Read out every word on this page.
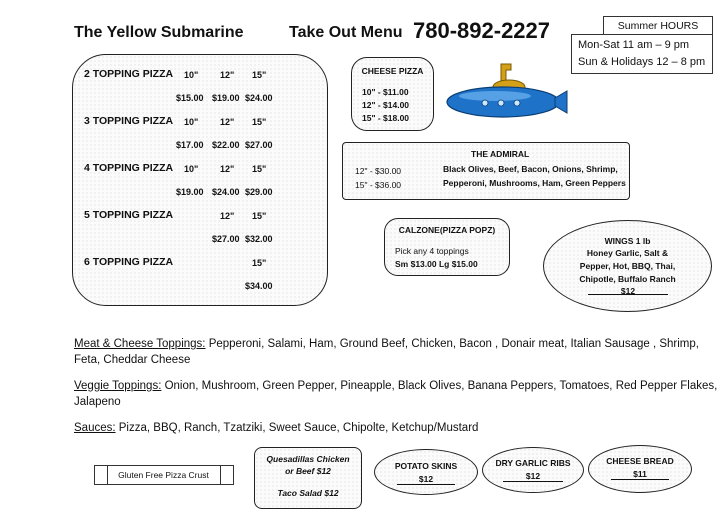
The Yellow Submarine	Take Out Menu 780-892-2227	Summer HOURS
Mon-Sat 11 am – 9 pm
Sun & Holidays 12 – 8 pm
2 TOPPING PIZZA 10" 12" 15"
$15.00 $19.00 $24.00
3 TOPPING PIZZA 10" 12" 15"
$17.00 $22.00 $27.00
4 TOPPING PIZZA 10" 12" 15"
$19.00 $24.00 $29.00
5 TOPPING PIZZA	12" 15"
$27.00 $32.00
6 TOPPING PIZZA	15"
$34.00
CHEESE PIZZA
10" - $11.00
12" - $14.00
15" - $18.00
THE ADMIRAL
12" - $30.00
15" - $36.00
Black Olives, Beef, Bacon, Onions, Shrimp,
Pepperoni, Mushrooms, Ham, Green Peppers
CALZONE(PIZZA POPZ)
Pick any 4 toppings
Sm $13.00 Lg $15.00
WINGS 1 lb
Honey Garlic, Salt &
Pepper, Hot, BBQ, Thai,
Chipotle, Buffalo Ranch
$12
Meat & Cheese Toppings: Pepperoni, Salami, Ham, Ground Beef, Chicken, Bacon , Donair meat, Italian Sausage , Shrimp,
Feta, Cheddar Cheese
Veggie Toppings: Onion, Mushroom, Green Pepper, Pineapple, Black Olives, Banana Peppers, Tomatoes, Red Pepper Flakes,
Jalapeno
Sauces: Pizza, BBQ, Ranch, Tzatziki, Sweet Sauce, Chipolte, Ketchup/Mustard
Gluten Free Pizza Crust
Quesadillas Chicken
or Beef $12
Taco Salad $12
POTATO SKINS
$12
DRY GARLIC RIBS
$12
CHEESE BREAD
$11
